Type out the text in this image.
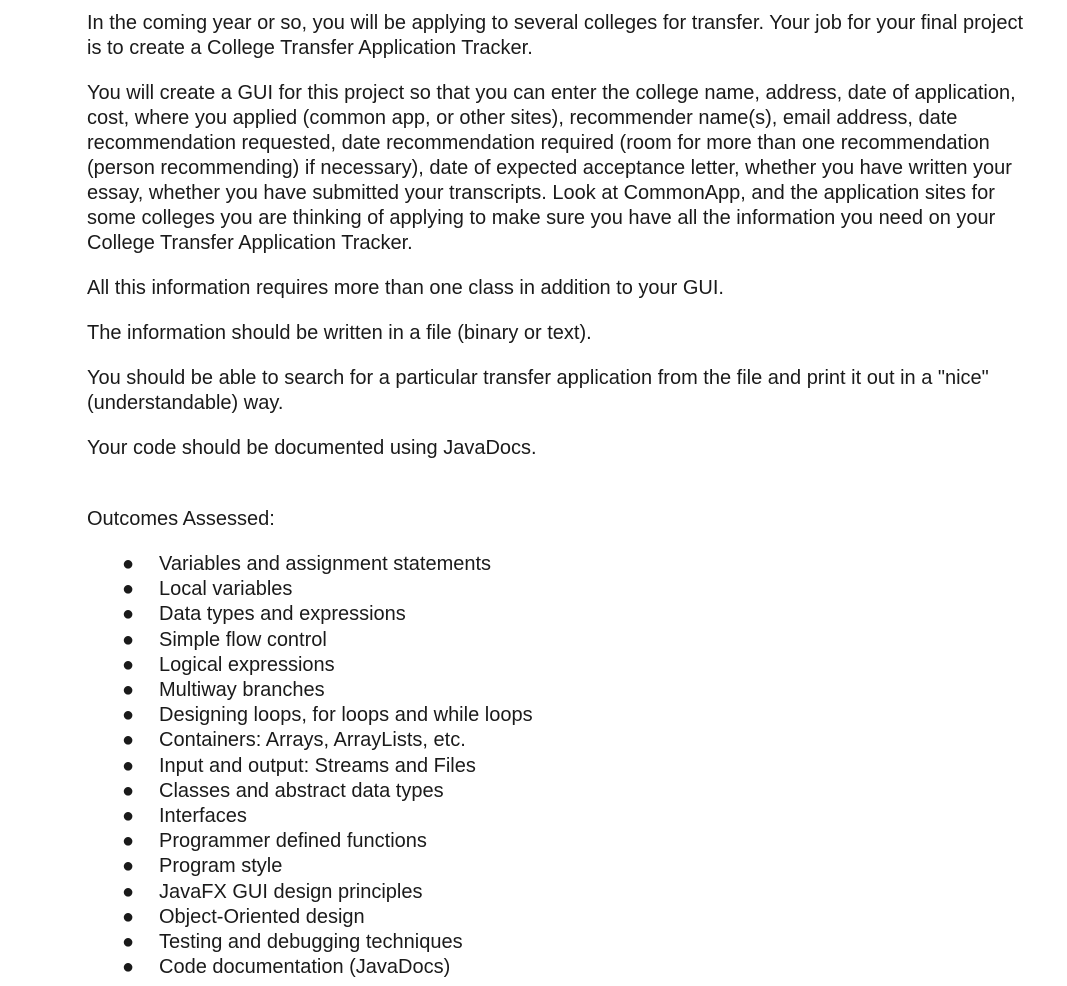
In the coming year or so, you will be applying to several colleges for transfer. Your job for your final project is to create a College Transfer Application Tracker.

You will create a GUI for this project so that you can enter the college name, address, date of application, cost, where you applied (common app, or other sites), recommender name(s), email address, date recommendation requested, date recommendation required (room for more than one recommendation (person recommending) if necessary), date of expected acceptance letter, whether you have written your essay, whether you have submitted your transcripts. Look at CommonApp, and the application sites for some colleges you are thinking of applying to make sure you have all the information you need on your College Transfer Application Tracker.

All this information requires more than one class in addition to your GUI.

The information should be written in a file (binary or text).

You should be able to search for a particular transfer application from the file and print it out in a "nice" (understandable) way.

Your code should be documented using JavaDocs.

Outcomes Assessed:

● Variables and assignment statements
● Local variables
● Data types and expressions
● Simple flow control
● Logical expressions
● Multiway branches
● Designing loops, for loops and while loops
● Containers: Arrays, ArrayLists, etc.
● Input and output: Streams and Files
● Classes and abstract data types
● Interfaces
● Programmer defined functions
● Program style
● JavaFX GUI design principles
● Object-Oriented design
● Testing and debugging techniques
● Code documentation (JavaDocs)
